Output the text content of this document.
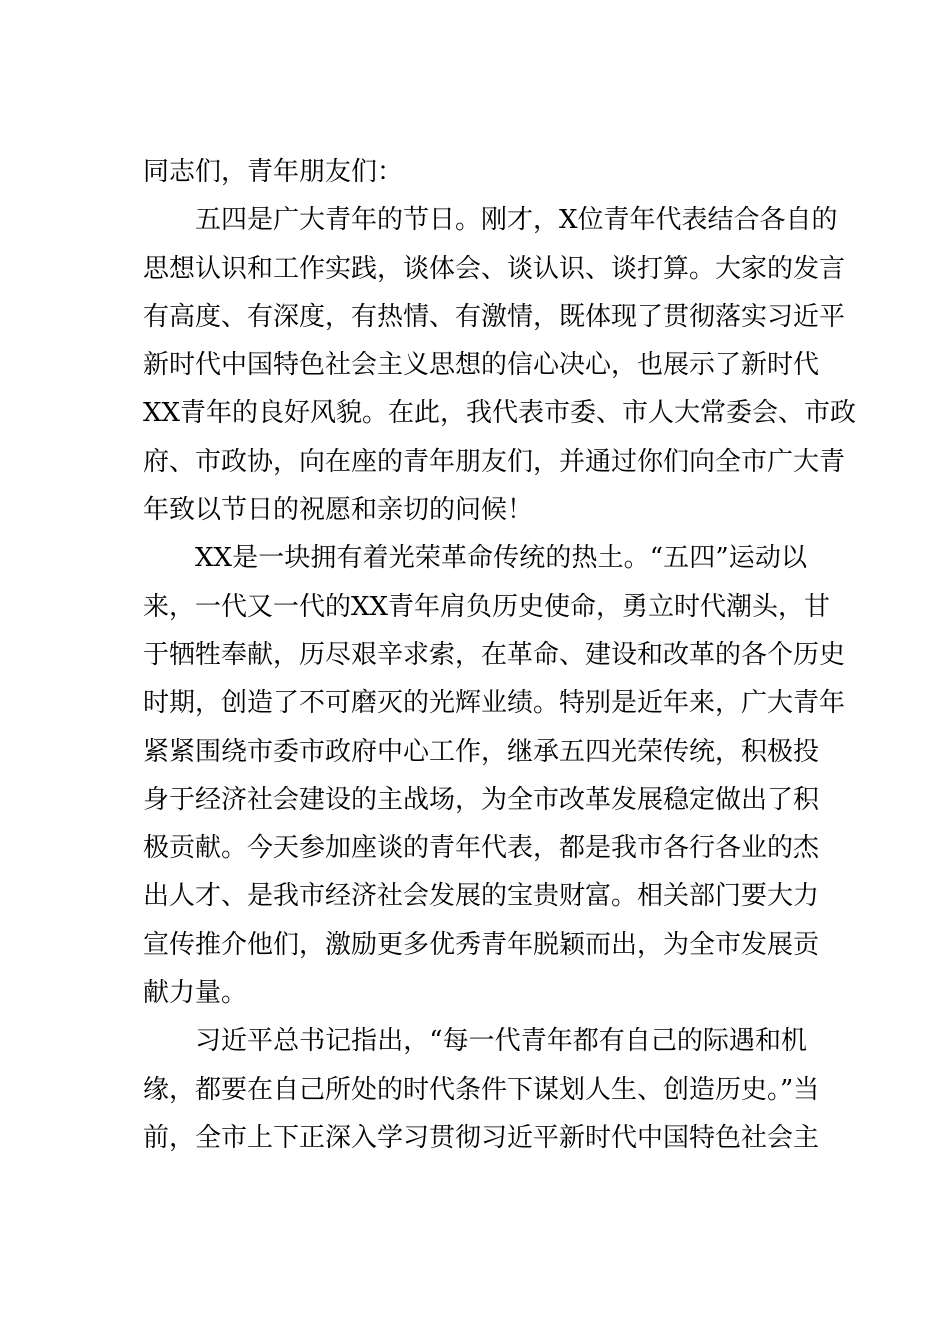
同志们，青年朋友们：
五四是广大青年的节日。刚才，X位青年代表结合各自的
思想认识和工作实践，谈体会、谈认识、谈打算。大家的发言
有高度、有深度，有热情、有激情，既体现了贯彻落实习近平
新时代中国特色社会主义思想的信心决心，也展示了新时代
XX青年的良好风貌。在此，我代表市委、市人大常委会、市政
府、市政协，向在座的青年朋友们，并通过你们向全市广大青
年致以节日的祝愿和亲切的问候！
XX是一块拥有着光荣革命传统的热土。“五四”运动以
来，一代又一代的XX青年肩负历史使命，勇立时代潮头，甘
于牺牲奉献，历尽艰辛求索，在革命、建设和改革的各个历史
时期，创造了不可磨灭的光辉业绩。特别是近年来，广大青年
紧紧围绕市委市政府中心工作，继承五四光荣传统，积极投
身于经济社会建设的主战场，为全市改革发展稳定做出了积
极贡献。今天参加座谈的青年代表，都是我市各行各业的杰
出人才、是我市经济社会发展的宝贵财富。相关部门要大力
宣传推介他们，激励更多优秀青年脱颖而出，为全市发展贡
献力量。
习近平总书记指出，“每一代青年都有自己的际遇和机
缘，都要在自己所处的时代条件下谋划人生、创造历史。”当
前，全市上下正深入学习贯彻习近平新时代中国特色社会主
